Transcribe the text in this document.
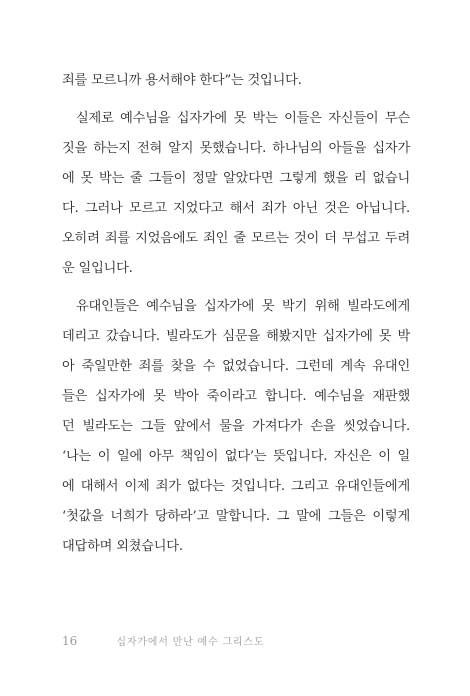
죄를 모르니까 용서해야 한다”는 것입니다.

실제로 예수님을 십자가에 못 박는 이들은 자신들이 무슨
짓을 하는지 전혀 알지 못했습니다. 하나님의 아들을 십자가
에 못 박는 줄 그들이 정말 알았다면 그렇게 했을 리 없습니
다. 그러나 모르고 지었다고 해서 죄가 아닌 것은 아닙니다.
오히려 죄를 지었음에도 죄인 줄 모르는 것이 더 무섭고 두려
운 일입니다.

유대인들은 예수님을 십자가에 못 박기 위해 빌라도에게
데리고 갔습니다. 빌라도가 심문을 해봤지만 십자가에 못 박
아 죽일만한 죄를 찾을 수 없었습니다. 그런데 계속 유대인
들은 십자가에 못 박아 죽이라고 합니다. 예수님을 재판했
던 빌라도는 그들 앞에서 물을 가져다가 손을 씻었습니다.
‘나는 이 일에 아무 책임이 없다’는 뜻입니다. 자신은 이 일
에 대해서 이제 죄가 없다는 것입니다. 그리고 유대인들에게
‘첫값을 너희가 당하라’고 말합니다. 그 말에 그들은 이렇게
대답하며 외쳤습니다.

16	십자가에서 만난 예수 그리스도
